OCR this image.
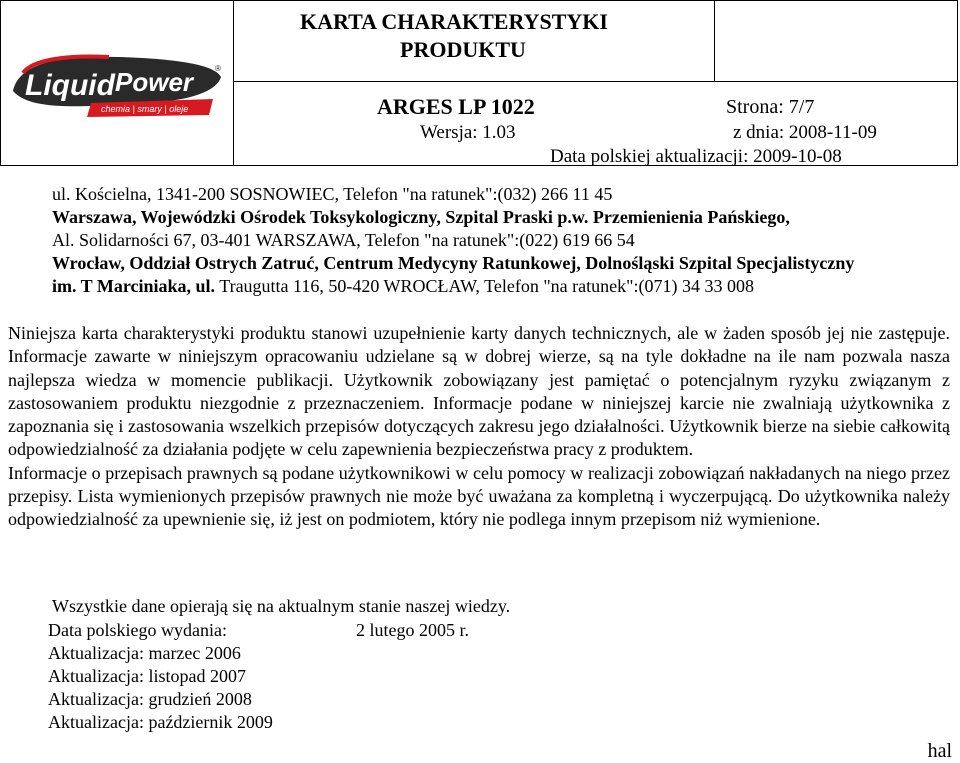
Liquid Power	®
chemia | smary | oleje
KARTA CHARAKTERYSTYKI
PRODUKTU
ARGES LP 1022	Strona: 7/7
Wersja: 1.03	z dnia: 2008-11-09
Data polskiej aktualizacji: 2009-10-08
ul. Kościelna, 1341-200 SOSNOWIEC, Telefon "na ratunek":(032) 266 11 45
Warszawa, Wojewódzki Ośrodek Toksykologiczny, Szpital Praski p.w. Przemienienia Pańskiego,
Al. Solidarności 67, 03-401 WARSZAWA, Telefon "na ratunek":(022) 619 66 54
Wrocław, Oddział Ostrych Zatruć, Centrum Medycyny Ratunkowej, Dolnośląski Szpital Specjalistyczny
im. T Marciniaka, ul. Traugutta 116, 50-420 WROCŁAW, Telefon "na ratunek":(071) 34 33 008

Niniejsza karta charakterystyki produktu stanowi uzupełnienie karty danych technicznych, ale w żaden sposób jej nie zastępuje. Informacje zawarte w niniejszym opracowaniu udzielane są w dobrej wierze, są na tyle dokładne na ile nam pozwala nasza najlepsza wiedza w momencie publikacji. Użytkownik zobowiązany jest pamiętać o potencjalnym ryzyku związanym z zastosowaniem produktu niezgodnie z przeznaczeniem. Informacje podane w niniejszej karcie nie zwalniają użytkownika z zapoznania się i zastosowania wszelkich przepisów dotyczących zakresu jego działalności. Użytkownik bierze na siebie całkowitą odpowiedzialność za działania podjęte w celu zapewnienia bezpieczeństwa pracy z produktem.

Informacje o przepisach prawnych są podane użytkownikowi w celu pomocy w realizacji zobowiązań nakładanych na niego przez przepisy. Lista wymienionych przepisów prawnych nie może być uważana za kompletną i wyczerpującą. Do użytkownika należy odpowiedzialność za upewnienie się, iż jest on podmiotem, który nie podlega innym przepisom niż wymienione.

Wszystkie dane opierają się na aktualnym stanie naszej wiedzy.
Data polskiego wydania:	2 lutego 2005 r.
Aktualizacja: marzec 2006
Aktualizacja: listopad 2007
Aktualizacja: grudzień 2008
Aktualizacja: październik 2009
hal
